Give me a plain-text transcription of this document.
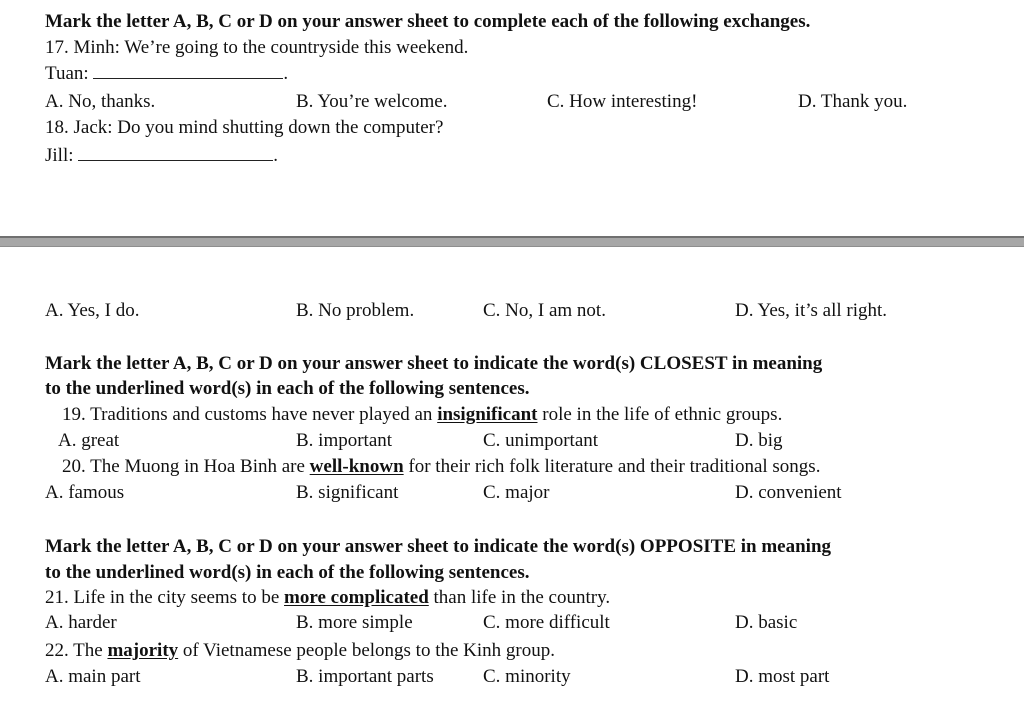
Mark the letter A, B, C or D on your answer sheet to complete each of the following exchanges.
17. Minh: We’re going to the countryside this weekend.
Tuan:	.
A. No, thanks.	B. You’re welcome.	C. How interesting!	D. Thank you.
18. Jack: Do you mind shutting down the computer?
Jill:	.
A. Yes, I do.	B. No problem.	C. No, I am not.	D. Yes, it’s all right.
Mark the letter A, B, C or D on your answer sheet to indicate the word(s) CLOSEST in meaning
to the underlined word(s) in each of the following sentences.
19. Traditions and customs have never played an insignificant role in the life of ethnic groups.
A. great	B. important	C. unimportant	D. big
20. The Muong in Hoa Binh are well-known for their rich folk literature and their traditional songs.
A. famous	B. significant	C. major	D. convenient
Mark the letter A, B, C or D on your answer sheet to indicate the word(s) OPPOSITE in meaning
to the underlined word(s) in each of the following sentences.
21. Life in the city seems to be more complicated than life in the country.
A. harder	B. more simple	C. more difficult	D. basic
22. The majority of Vietnamese people belongs to the Kinh group.
A. main part	B. important parts	C. minority	D. most part
